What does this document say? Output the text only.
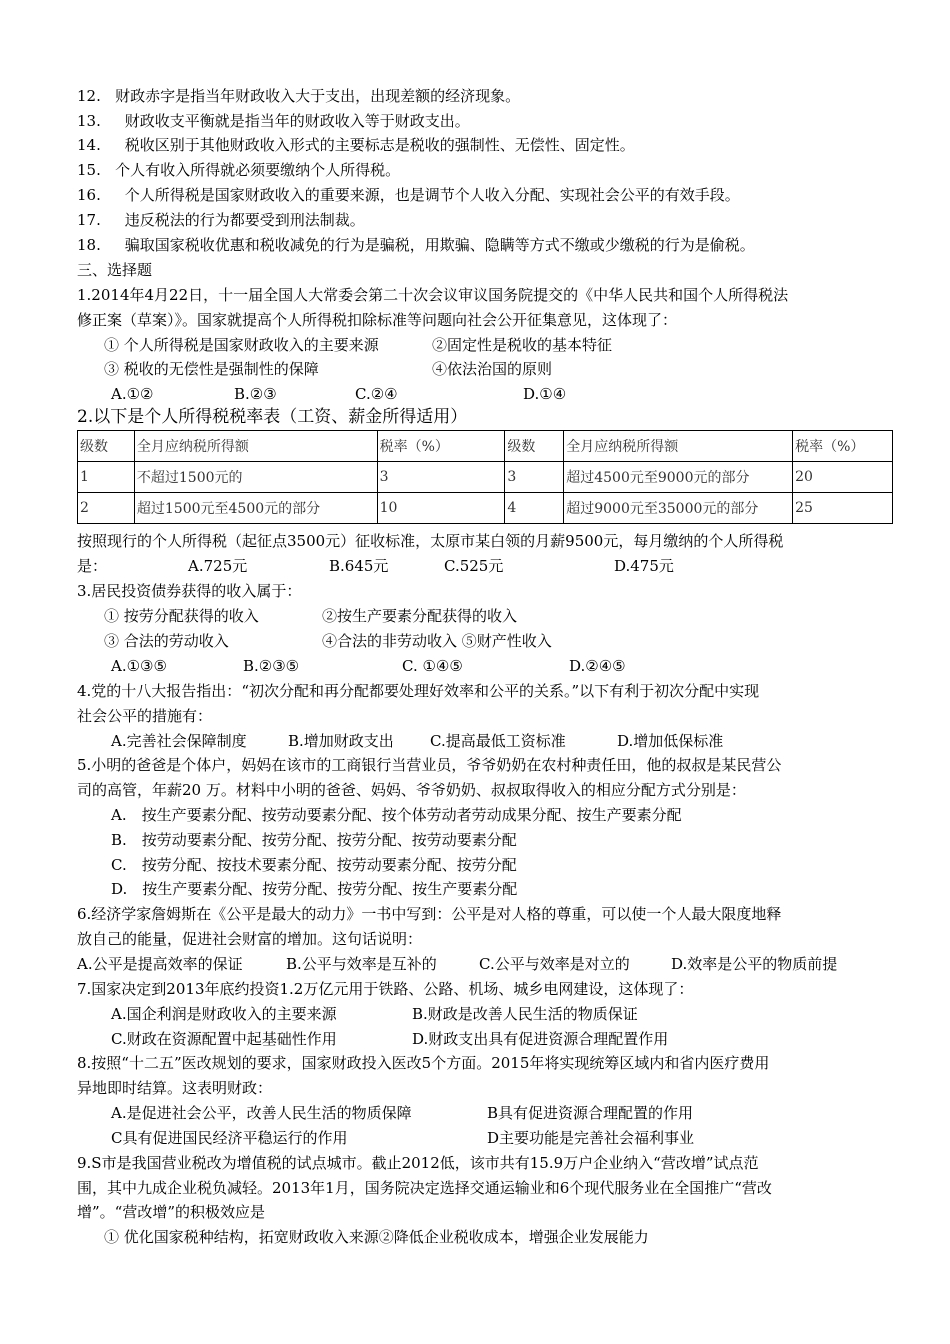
12. 财政赤字是指当年财政收入大于支出，出现差额的经济现象。
13. 财政收支平衡就是指当年的财政收入等于财政支出。
14. 税收区别于其他财政收入形式的主要标志是税收的强制性、无偿性、固定性。
15. 个人有收入所得就必须要缴纳个人所得税。
16. 个人所得税是国家财政收入的重要来源，也是调节个人收入分配、实现社会公平的有效手段。
17. 违反税法的行为都要受到刑法制裁。
18. 骗取国家税收优惠和税收减免的行为是骗税，用欺骗、隐瞒等方式不缴或少缴税的行为是偷税。
三、选择题
1.2014年4月22日，十一届全国人大常委会第二十次会议审议国务院提交的《中华人民共和国个人所得税法
修正案（草案）》。国家就提高个人所得税扣除标准等问题向社会公开征集意见，这体现了：
① 个人所得税是国家财政收入的主要来源	②固定性是税收的基本特征
③ 税收的无偿性是强制性的保障	④依法治国的原则
A.①②	B.②③	C.②④	D.①④
2.以下是个人所得税税率表（工资、薪金所得适用）
级数	全月应纳税所得额	税率（%）	级数	全月应纳税所得额	税率（%）
1	不超过1500元的	3	3	超过4500元至9000元的部分	20
2	超过1500元至4500元的部分	10	4	超过9000元至35000元的部分	25
按照现行的个人所得税（起征点3500元）征收标准，太原市某白领的月薪9500元，每月缴纳的个人所得税
是：	A.725元	B.645元	C.525元	D.475元
3.居民投资债券获得的收入属于：
① 按劳分配获得的收入	②按生产要素分配获得的收入
③ 合法的劳动收入	④合法的非劳动收入 ⑤财产性收入
A.①③⑤	B.②③⑤	C. ①④⑤	D.②④⑤
4.党的十八大报告指出：“初次分配和再分配都要处理好效率和公平的关系。”以下有利于初次分配中实现
社会公平的措施有：
A.完善社会保障制度	B.增加财政支出 C.提高最低工资标准	D.增加低保标准
5.小明的爸爸是个体户，妈妈在该市的工商银行当营业员，爷爷奶奶在农村种责任田，他的叔叔是某民营公
司的高管，年薪20 万。材料中小明的爸爸、妈妈、爷爷奶奶、叔叔取得收入的相应分配方式分别是：
A.　按生产要素分配、按劳动要素分配、按个体劳动者劳动成果分配、按生产要素分配
B.　按劳动要素分配、按劳分配、按劳分配、按劳动要素分配
C.　按劳分配、按技术要素分配、按劳动要素分配、按劳分配
D.　按生产要素分配、按劳分配、按劳分配、按生产要素分配
6.经济学家詹姆斯在《公平是最大的动力》一书中写到：公平是对人格的尊重，可以使一个人最大限度地释
放自己的能量，促进社会财富的增加。这句话说明：
A.公平是提高效率的保证	B.公平与效率是互补的	C.公平与效率是对立的	D.效率是公平的物质前提
7.国家决定到2013年底约投资1.2万亿元用于铁路、公路、机场、城乡电网建设，这体现了：
A.国企利润是财政收入的主要来源	B.财政是改善人民生活的物质保证
C.财政在资源配置中起基础性作用	D.财政支出具有促进资源合理配置作用
8.按照“十二五”医改规划的要求，国家财政投入医改5个方面。2015年将实现统筹区域内和省内医疗费用
异地即时结算。这表明财政：
A.是促进社会公平，改善人民生活的物质保障	B具有促进资源合理配置的作用
C具有促进国民经济平稳运行的作用	D主要功能是完善社会福利事业
9.S市是我国营业税改为增值税的试点城市。截止2012低，该市共有15.9万户企业纳入“营改增”试点范
围，其中九成企业税负减轻。2013年1月，国务院决定选择交通运输业和6个现代服务业在全国推广“营改
增”。“营改增”的积极效应是
① 优化国家税种结构，拓宽财政收入来源②降低企业税收成本，增强企业发展能力
